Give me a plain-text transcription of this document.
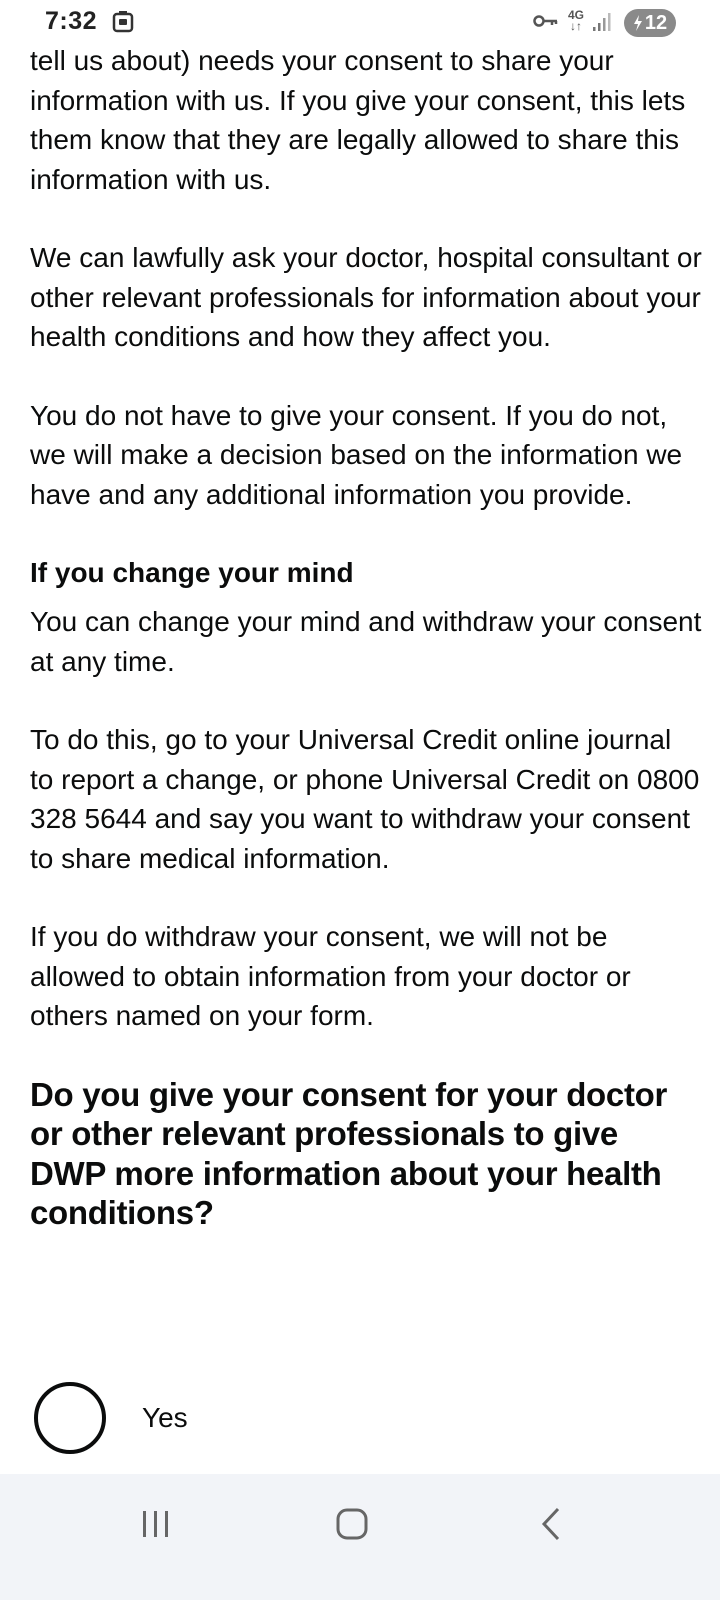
7:32	4G
↓↑	12

tell us about) needs your consent to share your information with us. If you give your consent, this lets them know that they are legally allowed to share this information with us.

We can lawfully ask your doctor, hospital consultant or other relevant professionals for information about your health conditions and how they affect you.

You do not have to give your consent. If you do not, we will make a decision based on the information we have and any additional information you provide.

If you change your mind

You can change your mind and withdraw your consent at any time.

To do this, go to your Universal Credit online journal to report a change, or phone Universal Credit on 0800 328 5644 and say you want to withdraw your consent to share medical information.

If you do withdraw your consent, we will not be allowed to obtain information from your doctor or others named on your form.

Do you give your consent for your doctor or other relevant professionals to give DWP more information about your health conditions?
Yes
